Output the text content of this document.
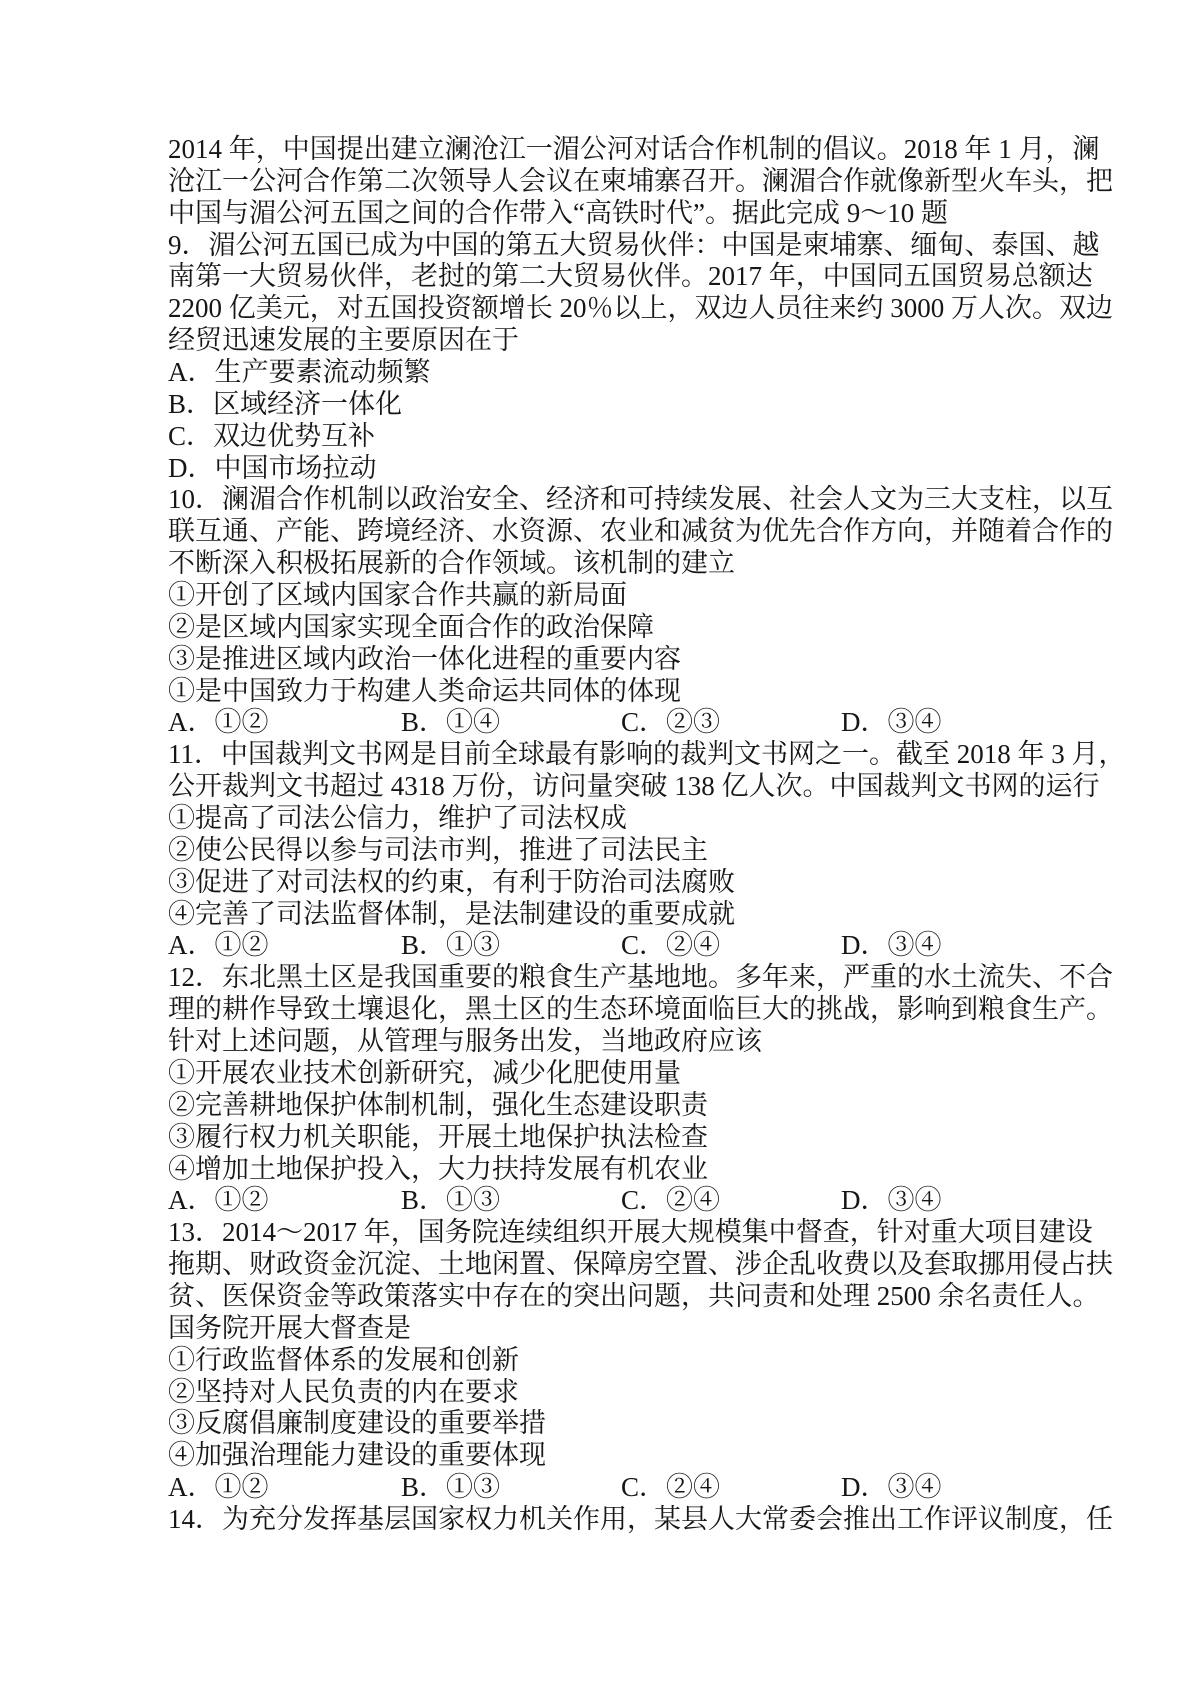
2014 年，中国提出建立澜沧江一湄公河对话合作机制的倡议。2018 年 1 月，澜
沧江一公河合作第二次领导人会议在柬埔寨召开。澜湄合作就像新型火车头，把
中国与湄公河五国之间的合作带入“高铁时代”。据此完成 9～10 题
9．湄公河五国已成为中国的第五大贸易伙伴：中国是柬埔寨、缅甸、泰国、越
南第一大贸易伙伴，老挝的第二大贸易伙伴。2017 年，中国同五国贸易总额达
2200 亿美元，对五国投资额增长 20％以上，双边人员往来约 3000 万人次。双边
经贸迅速发展的主要原因在于
A．生产要素流动频繁
B．区域经济一体化
C．双边优势互补
D．中国市场拉动
10．澜湄合作机制以政治安全、经济和可持续发展、社会人文为三大支柱，以互
联互通、产能、跨境经济、水资源、农业和减贫为优先合作方向，并随着合作的
不断深入积极拓展新的合作领域。该机制的建立
①开创了区域内国家合作共赢的新局面
②是区域内国家实现全面合作的政治保障
③是推进区域内政治一体化进程的重要内容
①是中国致力于构建人类命运共同体的体现
A．①②	B．①④	C．②③	D．③④
11．中国裁判文书网是目前全球最有影响的裁判文书网之一。截至 2018 年 3 月，
公开裁判文书超过 4318 万份，访问量突破 138 亿人次。中国裁判文书网的运行
①提高了司法公信力，维护了司法权成
②使公民得以参与司法市判，推进了司法民主
③促进了对司法权的约東，有利于防治司法腐败
④完善了司法监督体制，是法制建设的重要成就
A．①②	B．①③	C．②④	D．③④
12．东北黑土区是我国重要的粮食生产基地地。多年来，严重的水土流失、不合
理的耕作导致土壤退化，黑土区的生态环境面临巨大的挑战，影响到粮食生产。
针对上述问题，从管理与服务出发，当地政府应该
①开展农业技术创新研究，减少化肥使用量
②完善耕地保护体制机制，强化生态建设职责
③履行权力机关职能，开展土地保护执法检查
④增加土地保护投入，大力扶持发展有机农业
A．①②	B．①③	C．②④	D．③④
13．2014～2017 年，国务院连续组织开展大规模集中督查，针对重大项目建设
拖期、财政资金沉淀、土地闲置、保障房空置、涉企乱收费以及套取挪用侵占扶
贫、医保资金等政策落实中存在的突出问题，共问责和处理 2500 余名责任人。
国务院开展大督查是
①行政监督体系的发展和创新
②坚持对人民负责的内在要求
③反腐倡廉制度建设的重要举措
④加强治理能力建设的重要体现
A．①②	B．①③	C．②④	D．③④
14．为充分发挥基层国家权力机关作用，某县人大常委会推出工作评议制度，任
